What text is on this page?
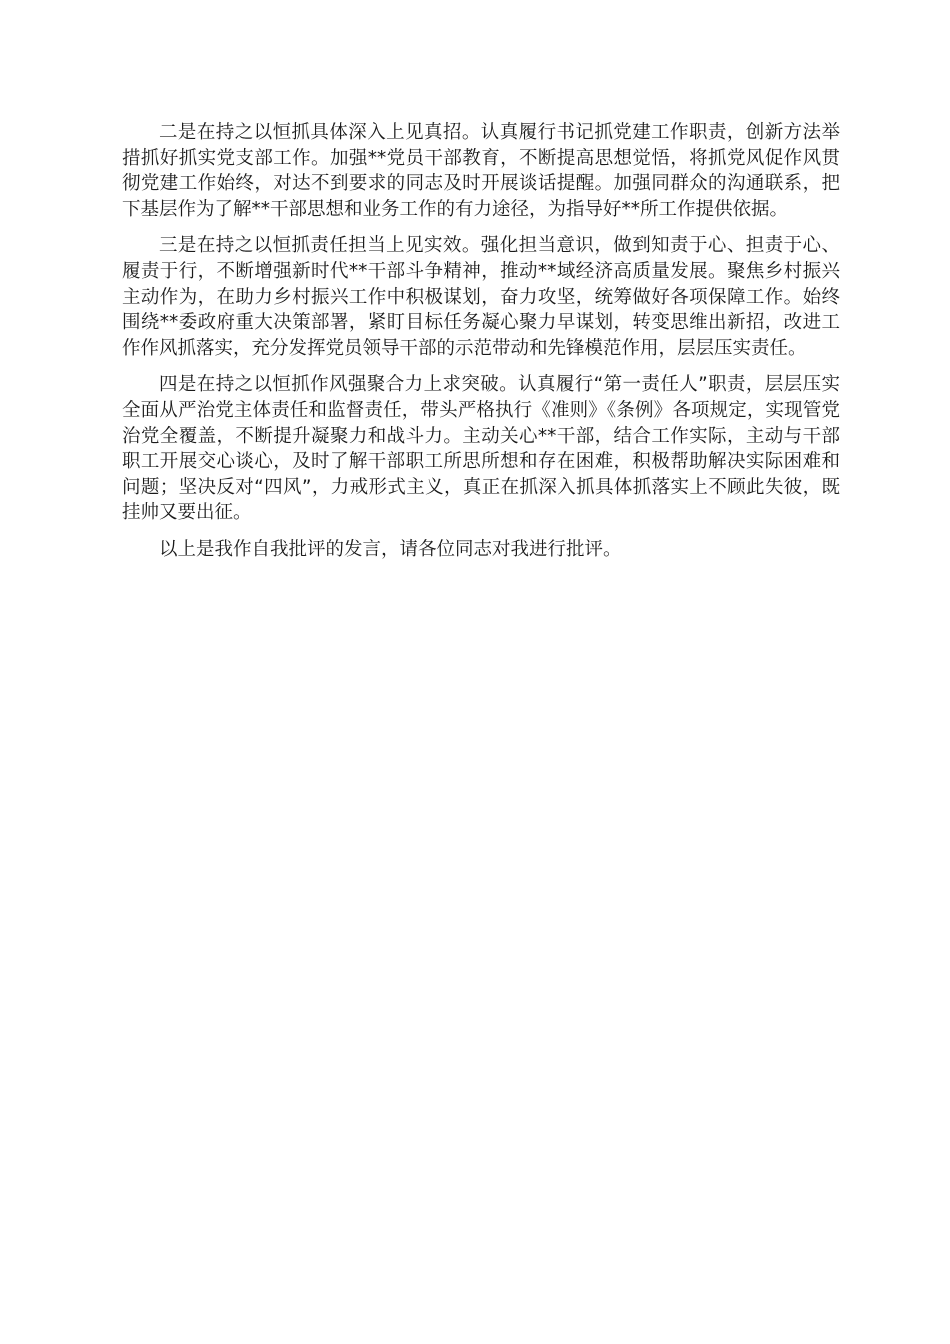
二是在持之以恒抓具体深入上见真招。认真履行书记抓党建工作职责，创新方法举措抓好抓实党支部工作。加强**党员干部教育，不断提高思想觉悟，将抓党风促作风贯彻党建工作始终，对达不到要求的同志及时开展谈话提醒。加强同群众的沟通联系，把下基层作为了解**干部思想和业务工作的有力途径，为指导好**所工作提供依据。

三是在持之以恒抓责任担当上见实效。强化担当意识，做到知责于心、担责于心、履责于行，不断增强新时代**干部斗争精神，推动**域经济高质量发展。聚焦乡村振兴主动作为，在助力乡村振兴工作中积极谋划，奋力攻坚，统筹做好各项保障工作。始终围绕**委政府重大决策部署，紧盯目标任务凝心聚力早谋划，转变思维出新招，改进工作作风抓落实，充分发挥党员领导干部的示范带动和先锋模范作用，层层压实责任。

四是在持之以恒抓作风强聚合力上求突破。认真履行“第一责任人”职责，层层压实全面从严治党主体责任和监督责任，带头严格执行《准则》《条例》各项规定，实现管党治党全覆盖，不断提升凝聚力和战斗力。主动关心**干部，结合工作实际，主动与干部职工开展交心谈心，及时了解干部职工所思所想和存在困难，积极帮助解决实际困难和问题；坚决反对“四风”，力戒形式主义，真正在抓深入抓具体抓落实上不顾此失彼，既挂帅又要出征。

以上是我作自我批评的发言，请各位同志对我进行批评。
